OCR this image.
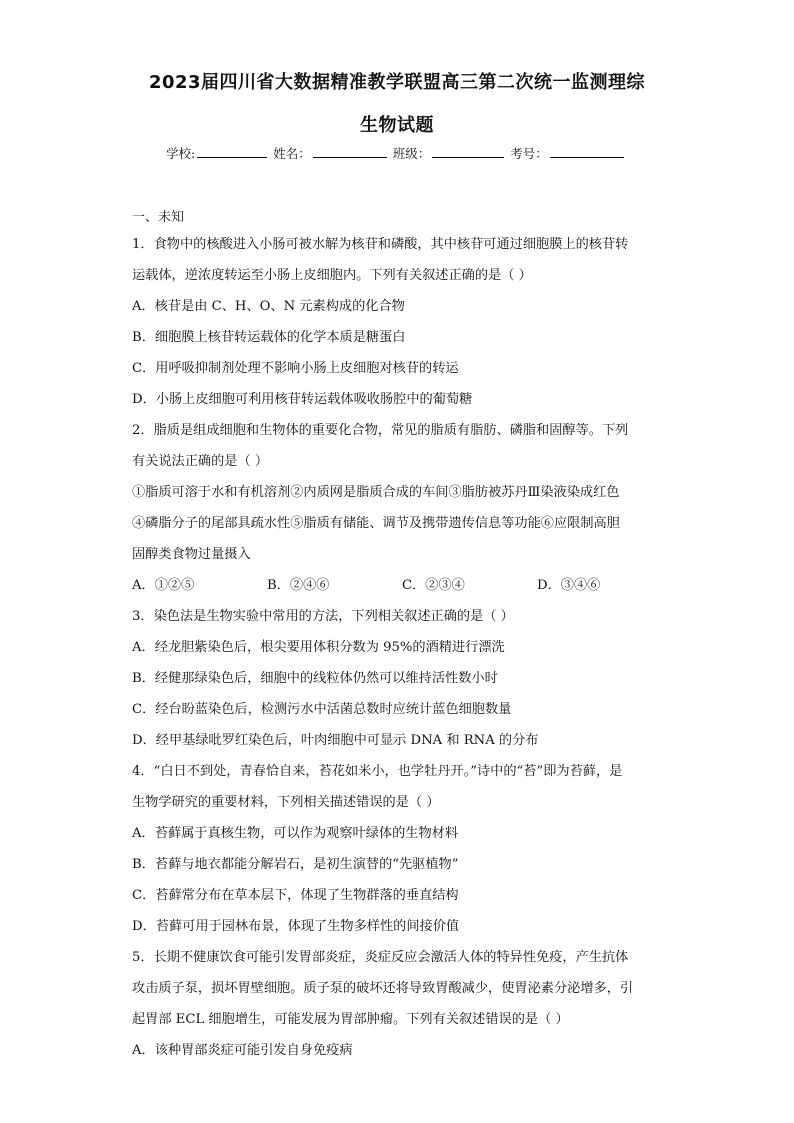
2023届四川省大数据精准教学联盟高三第二次统一监测理综
生物试题
学校:	姓名：	班级：	考号：
一、未知
1．食物中的核酸进入小肠可被水解为核苷和磷酸，其中核苷可通过细胞膜上的核苷转
运载体，逆浓度转运至小肠上皮细胞内。下列有关叙述正确的是（ ）
A．核苷是由 C、H、O、N 元素构成的化合物
B．细胞膜上核苷转运载体的化学本质是糖蛋白
C．用呼吸抑制剂处理不影响小肠上皮细胞对核苷的转运
D．小肠上皮细胞可利用核苷转运载体吸收肠腔中的葡萄糖
2．脂质是组成细胞和生物体的重要化合物，常见的脂质有脂肪、磷脂和固醇等。下列
有关说法正确的是（ ）
①脂质可溶于水和有机溶剂②内质网是脂质合成的车间③脂肪被苏丹Ⅲ染液染成红色
④磷脂分子的尾部具疏水性⑤脂质有储能、调节及携带遗传信息等功能⑥应限制高胆
固醇类食物过量摄入
A．①②⑤	B．②④⑥	C．②③④	D．③④⑥
3．染色法是生物实验中常用的方法，下列相关叙述正确的是（ ）
A．经龙胆紫染色后，根尖要用体积分数为 95%的酒精进行漂洗
B．经健那绿染色后，细胞中的线粒体仍然可以维持活性数小时
C．经台盼蓝染色后，检测污水中活菌总数时应统计蓝色细胞数量
D．经甲基绿吡罗红染色后，叶肉细胞中可显示 DNA 和 RNA 的分布
4．“白日不到处，青春恰自来，苔花如米小，也学牡丹开。”诗中的“苔”即为苔藓，是
生物学研究的重要材料，下列相关描述错误的是（ ）
A．苔藓属于真核生物，可以作为观察叶绿体的生物材料
B．苔藓与地衣都能分解岩石，是初生演替的“先驱植物”
C．苔藓常分布在草本层下，体现了生物群落的垂直结构
D．苔藓可用于园林布景，体现了生物多样性的间接价值
5．长期不健康饮食可能引发胃部炎症，炎症反应会激活人体的特异性免疫，产生抗体
攻击质子泵，损坏胃壁细胞。质子泵的破坏还将导致胃酸减少，使胃泌素分泌增多，引
起胃部 ECL 细胞增生，可能发展为胃部肿瘤。下列有关叙述错误的是（ ）
A．该种胃部炎症可能引发自身免疫病
